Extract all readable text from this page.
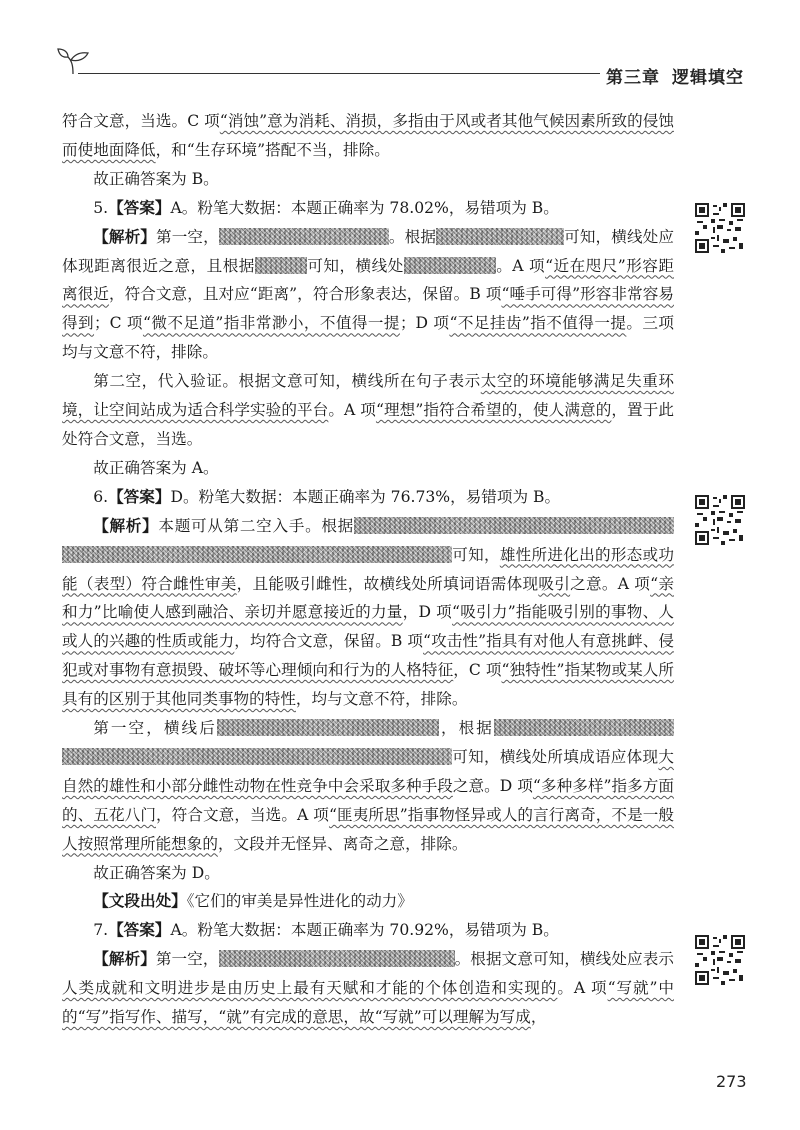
第三章 逻辑填空

符合文意，当选。C 项“消蚀”意为消耗、消损，多指由于风或者其他气候因素所致的侵蚀而使地面降低，和“生存环境”搭配不当，排除。

故正确答案为 B。

5.【答案】A。粉笔大数据：本题正确率为 78.02%，易错项为 B。

【解析】第一空，	。根据	可知，横线处应体现距离很近之意，且根据	可知，横线处	。A 项“近在咫尺”形容距离很近，符合文意，且对应“距离”，符合形象表达，保留。B 项“唾手可得”形容非常容易得到；C 项“微不足道”指非常渺小，不值得一提；D 项“不足挂齿”指不值得一提。三项均与文意不符，排除。

第二空，代入验证。根据文意可知，横线所在句子表示太空的环境能够满足失重环境，让空间站成为适合科学实验的平台。A 项“理想”指符合希望的，使人满意的，置于此处符合文意，当选。

故正确答案为 A。

6.【答案】D。粉笔大数据：本题正确率为 76.73%，易错项为 B。

【解析】本题可从第二空入手。根据可知，雄性所进化出的形态或功能（表型）符合雌性审美，且能吸引雌性，故横线处所填词语需体现吸引之意。A 项“亲和力”比喻使人感到融洽、亲切并愿意接近的力量，D 项“吸引力”指能吸引别的事物、人或人的兴趣的性质或能力，均符合文意，保留。B 项“攻击性”指具有对他人有意挑衅、侵犯或对事物有意损毁、破坏等心理倾向和行为的人格特征，C 项“独特性”指某物或某人所具有的区别于其他同类事物的特性，均与文意不符，排除。

第一空，横线后	，根据可知，横线处所填成语应体现大自然的雄性和小部分雌性动物在性竞争中会采取多种手段之意。D 项“多种多样”指多方面的、五花八门，符合文意，当选。A 项“匪夷所思”指事物怪异或人的言行离奇，不是一般人按照常理所能想象的，文段并无怪异、离奇之意，排除。

故正确答案为 D。

【文段出处】《它们的审美是异性进化的动力》

7.【答案】A。粉笔大数据：本题正确率为 70.92%，易错项为 B。

【解析】第一空，	。根据文意可知，横线处应表示人类成就和文明进步是由历史上最有天赋和才能的个体创造和实现的。A 项“写就”中的“写”指写作、描写，“就”有完成的意思，故“写就”可以理解为写成，

273
